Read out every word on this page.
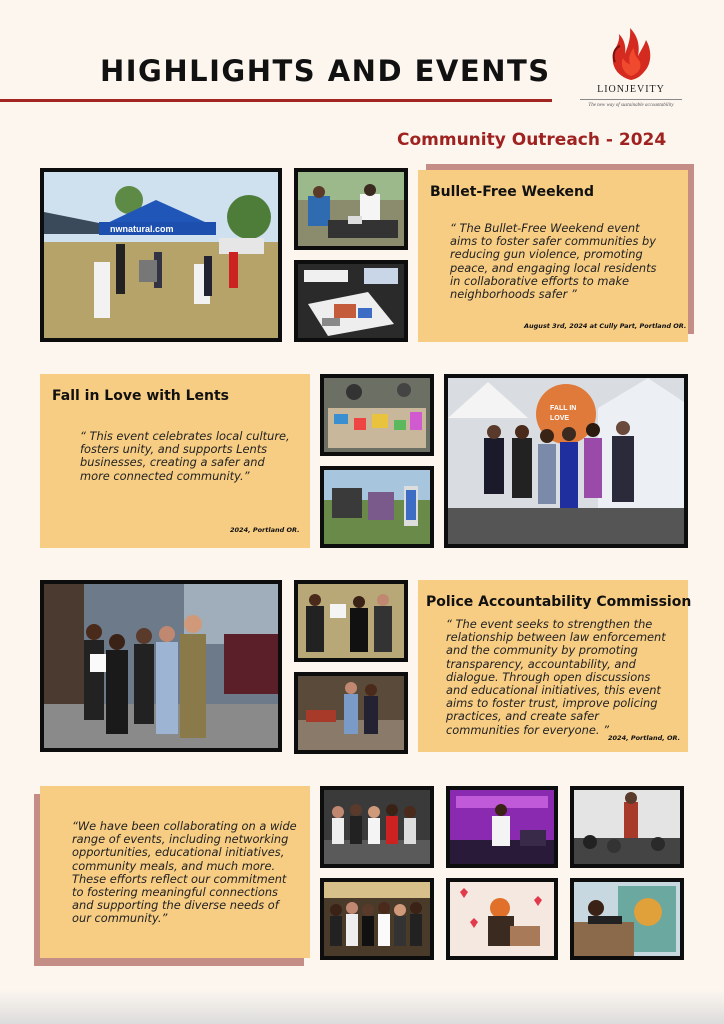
HIGHLIGHTS AND EVENTS
LIONJEVITY
The new way of sustainable accountability
Community Outreach - 2024
nwnatural.com
Bullet-Free Weekend
“ The Bullet-Free Weekend event aims to foster safer communities by reducing gun violence, promoting peace, and engaging local residents in collaborative efforts to make neighborhoods safer ”
August 3rd, 2024 at Cully Part, Portland OR.
Fall in Love with Lents
“ This event celebrates local culture, fosters unity, and supports Lents businesses, creating a safer and more connected community.”
2024, Portland OR.
FALL IN
LOVE
Police Accountability Commission
“ The event seeks to strengthen the relationship between law enforcement and the community by promoting transparency, accountability, and dialogue. Through open discussions and educational initiatives, this event aims to foster trust, improve policing practices, and create safer communities for everyone. ”
2024, Portland, OR.
“We have been collaborating on a wide range of events, including networking opportunities, educational initiatives, community meals, and much more. These efforts reflect our commitment to fostering meaningful connections and supporting the diverse needs of our community.”
